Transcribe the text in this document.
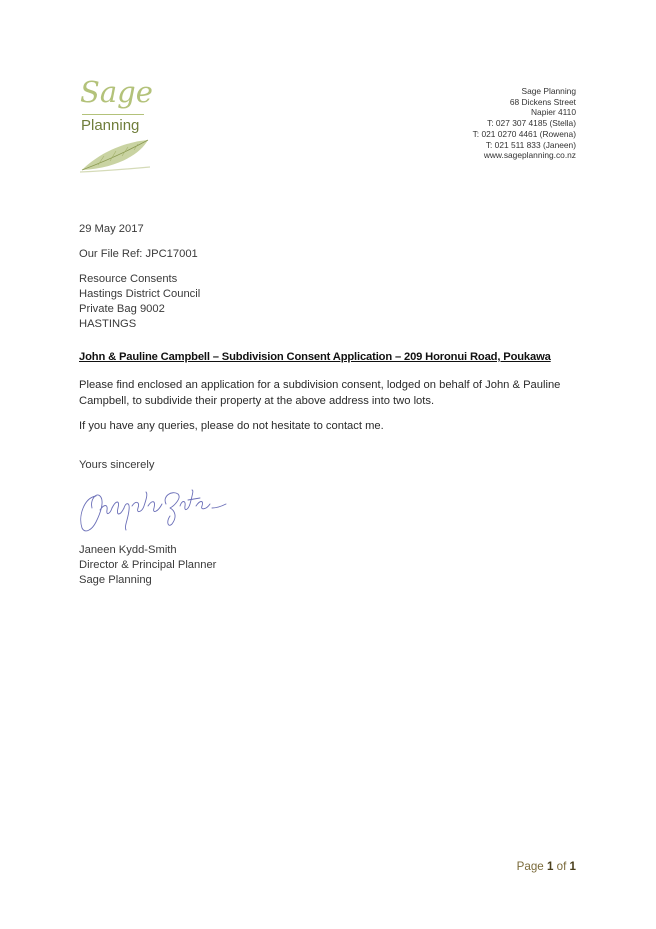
Sage
Planning
Sage Planning
68 Dickens Street
Napier 4110
T: 027 307 4185 (Stella)
T: 021 0270 4461 (Rowena)
T: 021 511 833 (Janeen)
www.sageplanning.co.nz
29 May 2017
Our File Ref: JPC17001
Resource Consents
Hastings District Council
Private Bag 9002
HASTINGS
John & Pauline Campbell – Subdivision Consent Application – 209 Horonui Road, Poukawa
Please find enclosed an application for a subdivision consent, lodged on behalf of John & Pauline Campbell, to subdivide their property at the above address into two lots.
If you have any queries, please do not hesitate to contact me.
Yours sincerely
Janeen Kydd-Smith
Director & Principal Planner
Sage Planning
Page 1 of 1
